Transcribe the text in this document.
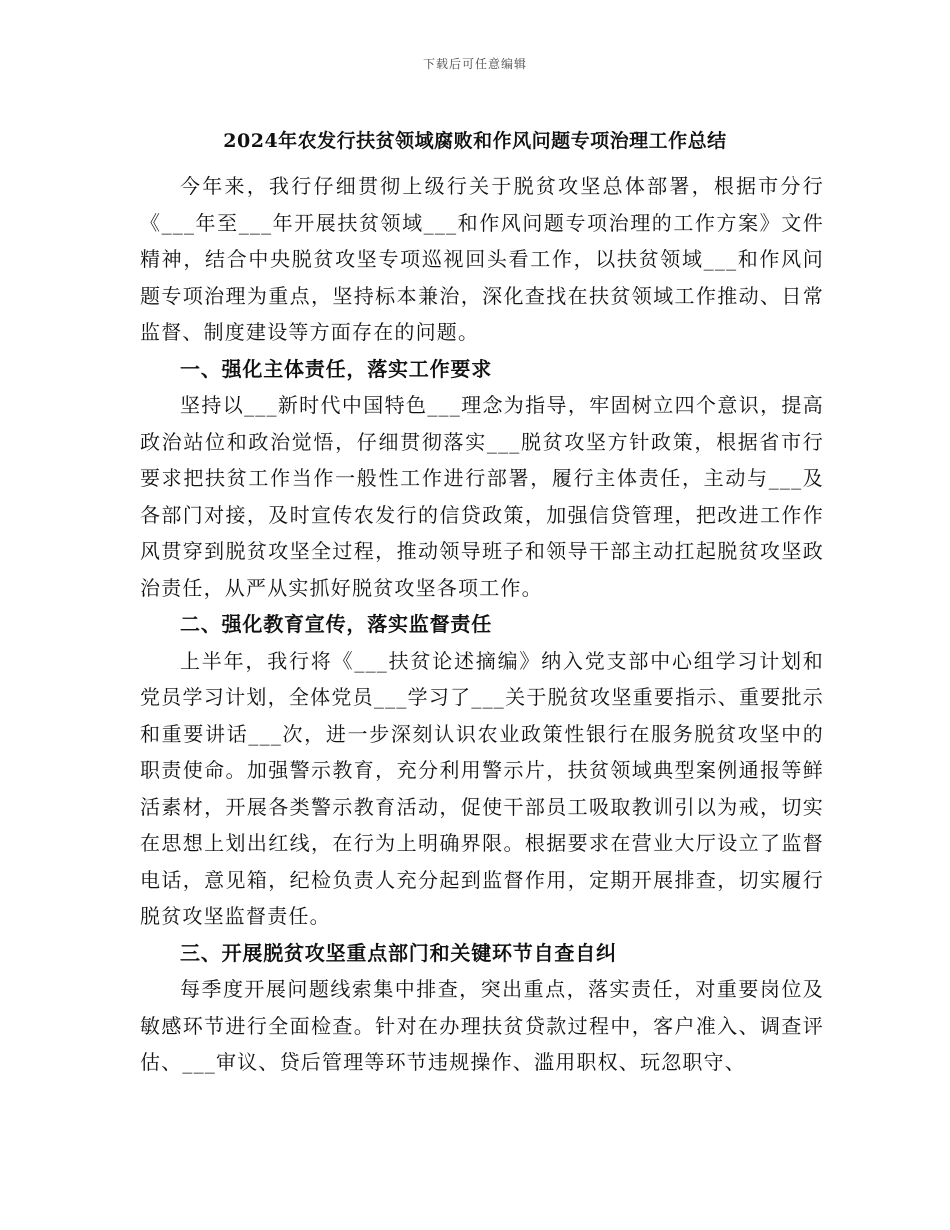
下载后可任意编辑
2024年农发行扶贫领域腐败和作风问题专项治理工作总结

今年来，我行仔细贯彻上级行关于脱贫攻坚总体部署，根据市分行《___年至___年开展扶贫领域___和作风问题专项治理的工作方案》文件精神，结合中央脱贫攻坚专项巡视回头看工作，以扶贫领域___和作风问题专项治理为重点，坚持标本兼治，深化查找在扶贫领域工作推动、日常监督、制度建设等方面存在的问题。

一、强化主体责任，落实工作要求

坚持以___新时代中国特色___理念为指导，牢固树立四个意识，提高政治站位和政治觉悟，仔细贯彻落实___脱贫攻坚方针政策，根据省市行要求把扶贫工作当作一般性工作进行部署，履行主体责任，主动与___及各部门对接，及时宣传农发行的信贷政策，加强信贷管理，把改进工作作风贯穿到脱贫攻坚全过程，推动领导班子和领导干部主动扛起脱贫攻坚政治责任，从严从实抓好脱贫攻坚各项工作。

二、强化教育宣传，落实监督责任

上半年，我行将《___扶贫论述摘编》纳入党支部中心组学习计划和党员学习计划，全体党员___学习了___关于脱贫攻坚重要指示、重要批示和重要讲话___次，进一步深刻认识农业政策性银行在服务脱贫攻坚中的职责使命。加强警示教育，充分利用警示片，扶贫领域典型案例通报等鲜活素材，开展各类警示教育活动，促使干部员工吸取教训引以为戒，切实在思想上划出红线，在行为上明确界限。根据要求在营业大厅设立了监督电话，意见箱，纪检负责人充分起到监督作用，定期开展排查，切实履行脱贫攻坚监督责任。

三、开展脱贫攻坚重点部门和关键环节自查自纠

每季度开展问题线索集中排查，突出重点，落实责任，对重要岗位及敏感环节进行全面检查。针对在办理扶贫贷款过程中，客户准入、调查评估、___审议、贷后管理等环节违规操作、滥用职权、玩忽职守、
